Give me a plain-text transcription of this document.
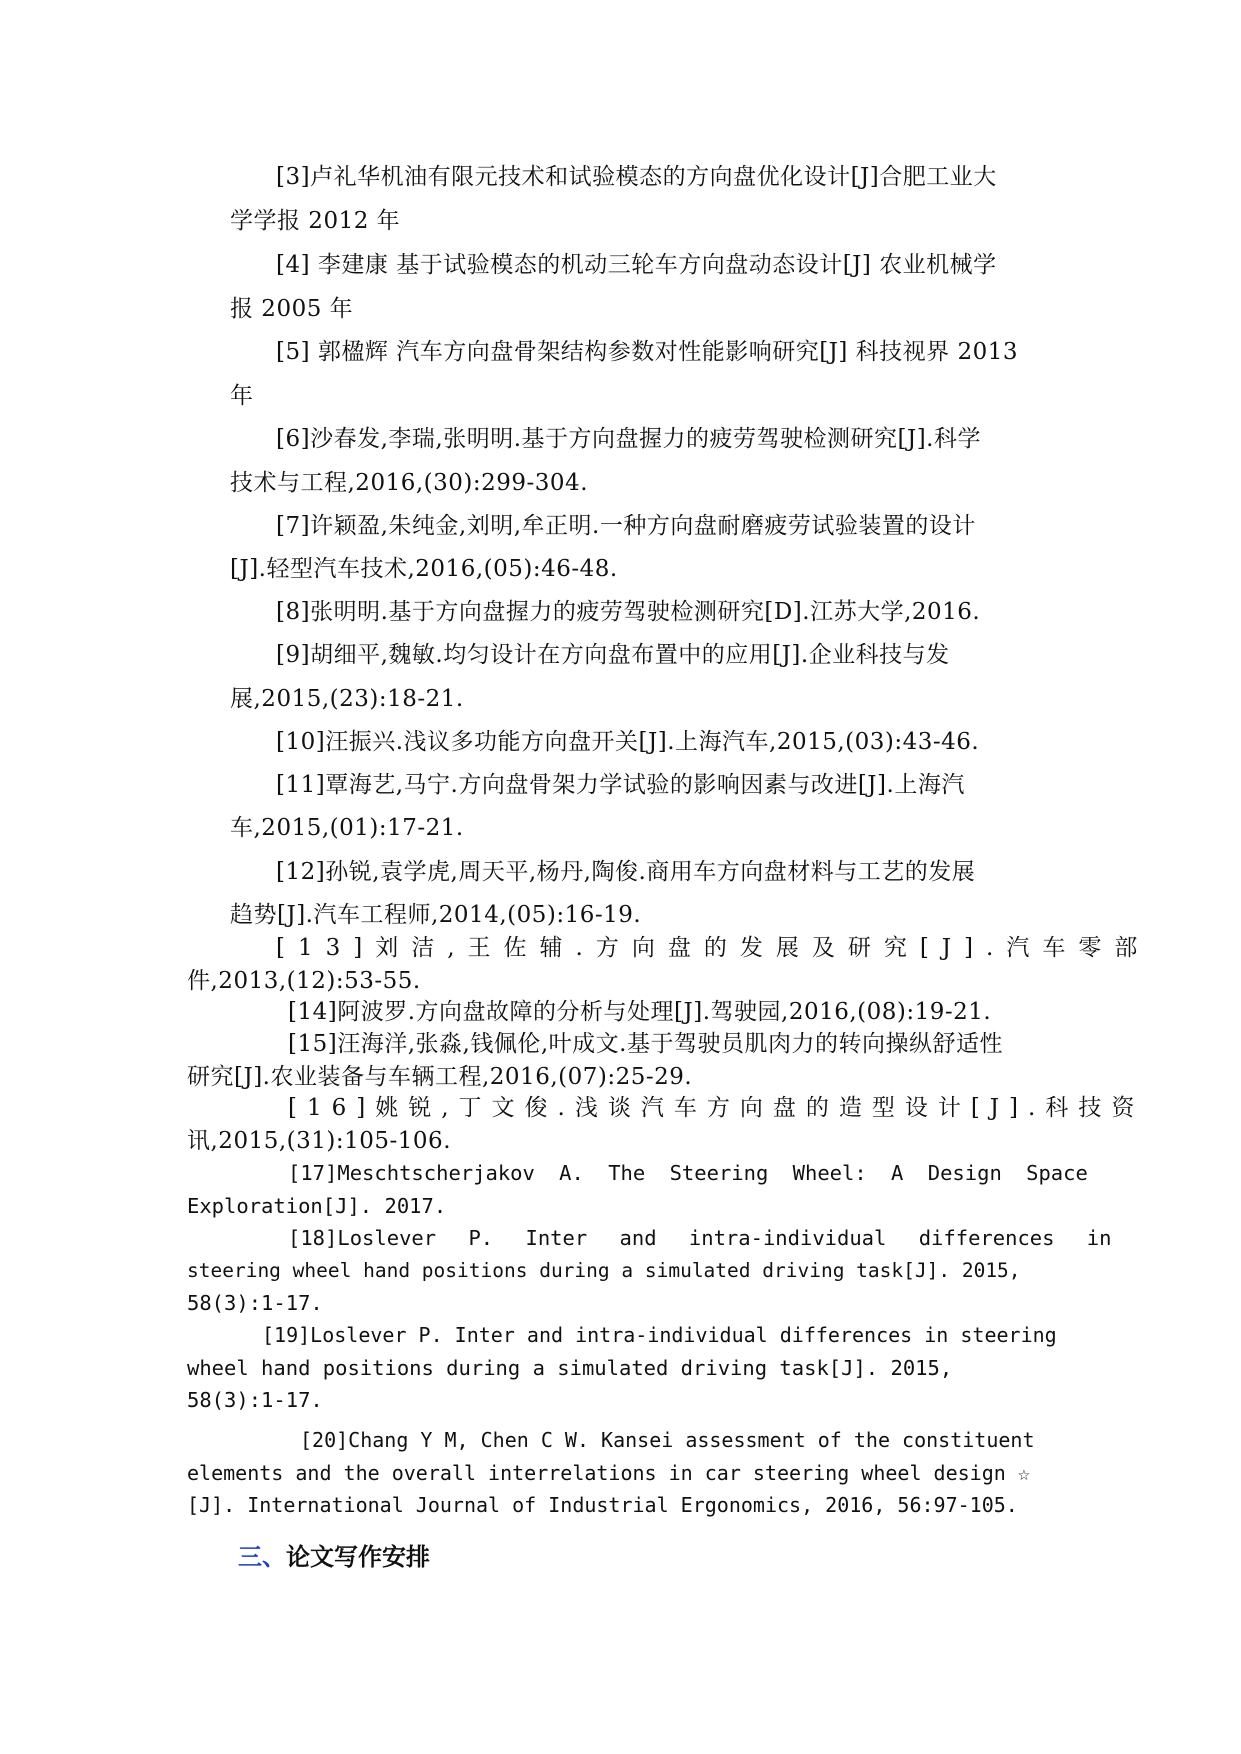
[3]卢礼华机油有限元技术和试验模态的方向盘优化设计[J]合肥工业大
学学报 2012 年
[4] 李建康 基于试验模态的机动三轮车方向盘动态设计[J] 农业机械学
报 2005 年
[5] 郭楹辉 汽车方向盘骨架结构参数对性能影响研究[J] 科技视界 2013
年
[6]沙春发,李瑞,张明明.基于方向盘握力的疲劳驾驶检测研究[J].科学
技术与工程,2016,(30):299-304.
[7]许颖盈,朱纯金,刘明,牟正明.一种方向盘耐磨疲劳试验装置的设计
[J].轻型汽车技术,2016,(05):46-48.
[8]张明明.基于方向盘握力的疲劳驾驶检测研究[D].江苏大学,2016.
[9]胡细平,魏敏.均匀设计在方向盘布置中的应用[J].企业科技与发
展,2015,(23):18-21.
[10]汪振兴.浅议多功能方向盘开关[J].上海汽车,2015,(03):43-46.
[11]覃海艺,马宁.方向盘骨架力学试验的影响因素与改进[J].上海汽
车,2015,(01):17-21.
[12]孙锐,袁学虎,周天平,杨丹,陶俊.商用车方向盘材料与工艺的发展
趋势[J].汽车工程师,2014,(05):16-19.
[13]刘洁,王佐辅.方向盘的发展及研究[J].汽车零部
件,2013,(12):53-55.
[14]阿波罗.方向盘故障的分析与处理[J].驾驶园,2016,(08):19-21.
[15]汪海洋,张淼,钱佩伦,叶成文.基于驾驶员肌肉力的转向操纵舒适性
研究[J].农业装备与车辆工程,2016,(07):25-29.
[16]姚锐,丁文俊.浅谈汽车方向盘的造型设计[J].科技资
讯,2015,(31):105-106.
[17]Meschtscherjakov A. The Steering Wheel: A Design Space
Exploration[J]. 2017.
[18]Loslever P. Inter and intra-individual differences in
steering wheel hand positions during a simulated driving task[J]. 2015,
58(3):1-17.
[19]Loslever P. Inter and intra-individual differences in steering
wheel hand positions during a simulated driving task[J]. 2015,
58(3):1-17.
[20]Chang Y M, Chen C W. Kansei assessment of the constituent
elements and the overall interrelations in car steering wheel design ☆
[J]. International Journal of Industrial Ergonomics, 2016, 56:97-105.
三、论文写作安排
